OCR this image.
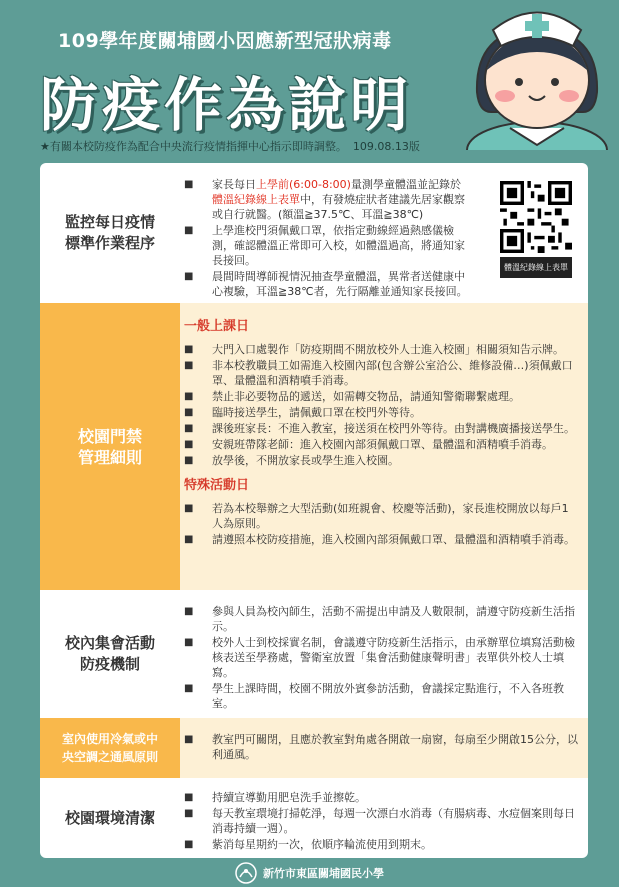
109學年度關埔國小因應新型冠狀病毒
防疫作為說明
★有關本校防疫作為配合中央流行疫情指揮中心指示即時調整。 109.08.13版
監控每日疫情
標準作業程序
■ 家長每日上學前(6:00-8:00)量測學童體溫並記錄於體溫紀錄線上表單中，有發燒症狀者建議先居家觀察或自行就醫。(額溫≧37.5℃、耳溫≧38℃)
■ 上學進校門須佩戴口罩，依指定動線經過熱感儀檢測，確認體溫正常即可入校，如體溫過高，將通知家長接回。
■ 晨間時間導師視情況抽查學童體溫，異常者送健康中心複驗，耳溫≧38℃者，先行隔離並通知家長接回。
體溫紀錄線上表單
校園門禁
管理細則
一般上課日
■ 大門入口處製作「防疫期間不開放校外人士進入校園」相關須知告示牌。
■ 非本校教職員工如需進入校園內部(包含辦公室洽公、維修設備…)須佩戴口罩、量體溫和酒精噴手消毒。
■ 禁止非必要物品的遞送，如需轉交物品，請通知警衛聯繫處理。
■ 臨時接送學生，請佩戴口罩在校門外等待。
■ 課後班家長：不進入教室，接送須在校門外等待。由對講機廣播接送學生。
■ 安親班帶隊老師：進入校園內部須佩戴口罩、量體溫和酒精噴手消毒。
■ 放學後，不開放家長或學生進入校園。
特殊活動日
■ 若為本校舉辦之大型活動(如班親會、校慶等活動)，家長進校開放以每戶1人為原則。
■ 請遵照本校防疫措施，進入校園內部須佩戴口罩、量體溫和酒精噴手消毒。
校內集會活動
防疫機制
■ 參與人員為校內師生，活動不需提出申請及人數限制，請遵守防疫新生活指示。
■ 校外人士到校採實名制，會議遵守防疫新生活指示，由承辦單位填寫活動檢核表送至學務處，警衛室放置「集會活動健康聲明書」表單供外校人士填寫。
■ 學生上課時間，校園不開放外賓參訪活動，會議採定點進行，不入各班教室。
室內使用冷氣或中
央空調之通風原則
■ 教室門可關閉，且應於教室對角處各開啟一扇窗，每扇至少開啟15公分，以利通風。
校園環境清潔
■ 持續宣導勤用肥皂洗手並擦乾。
■ 每天教室環境打掃乾淨，每週一次漂白水消毒（有腸病毒、水痘個案則每日消毒持續一週）。
■ 紫消每星期約一次，依順序輪流使用到期末。
新竹市東區關埔國民小學
